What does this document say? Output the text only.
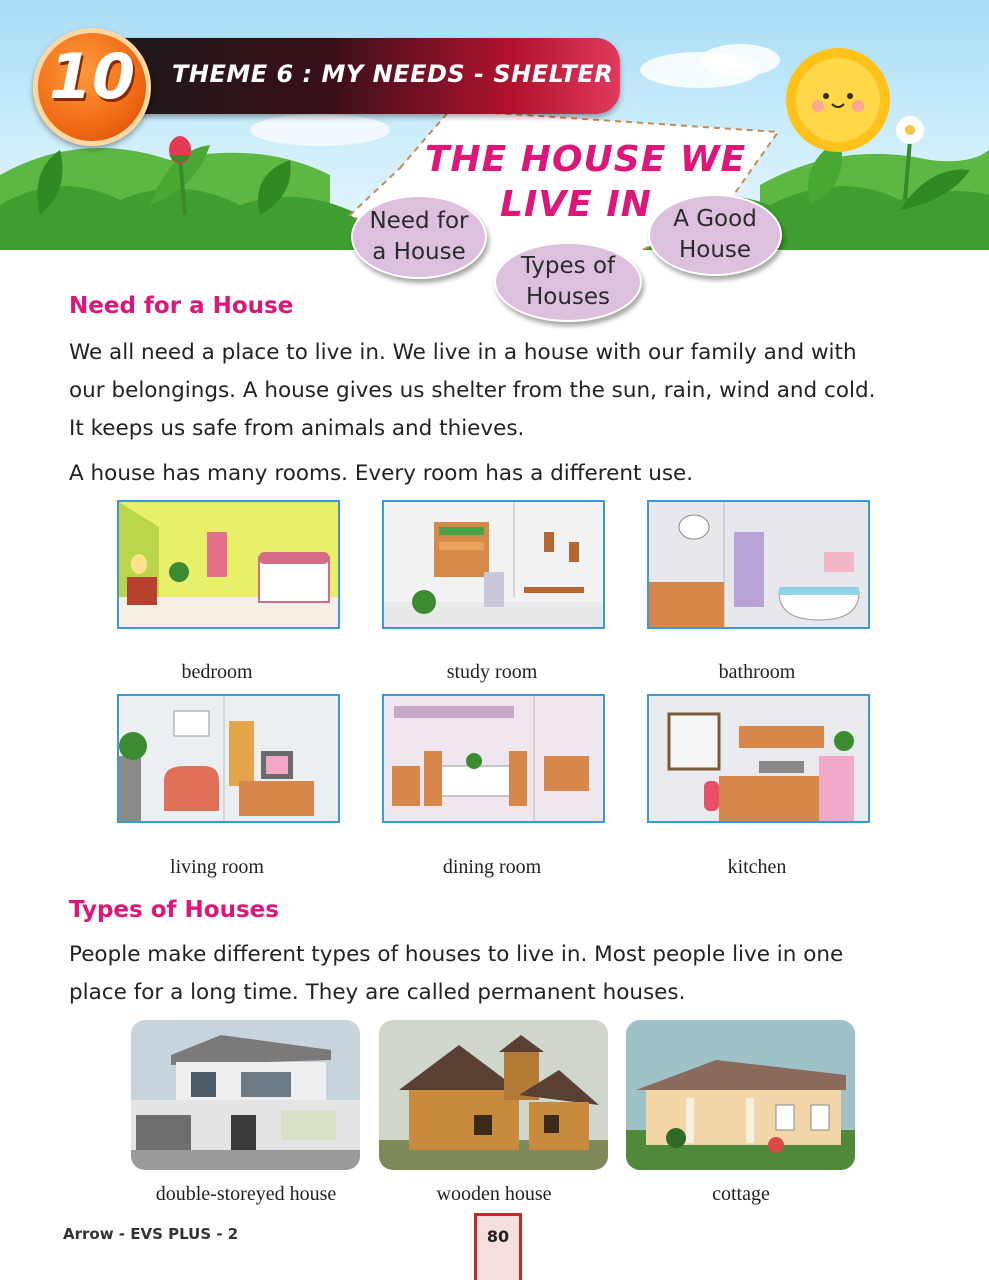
THEME 6 : MY NEEDS - SHELTER
10
THE HOUSE WE
LIVE IN
Need for
a House
Types of
Houses
A Good
House
Need for a House
We all need a place to live in. We live in a house with our family and with
our belongings. A house gives us shelter from the sun, rain, wind and cold.
It keeps us safe from animals and thieves.
A house has many rooms. Every room has a different use.
bedroom	study room	bathroom
living room	dining room	kitchen
Types of Houses
People make different types of houses to live in. Most people live in one
place for a long time. They are called permanent houses.
double-storeyed house	wooden house	cottage
Arrow - EVS PLUS - 2	80
